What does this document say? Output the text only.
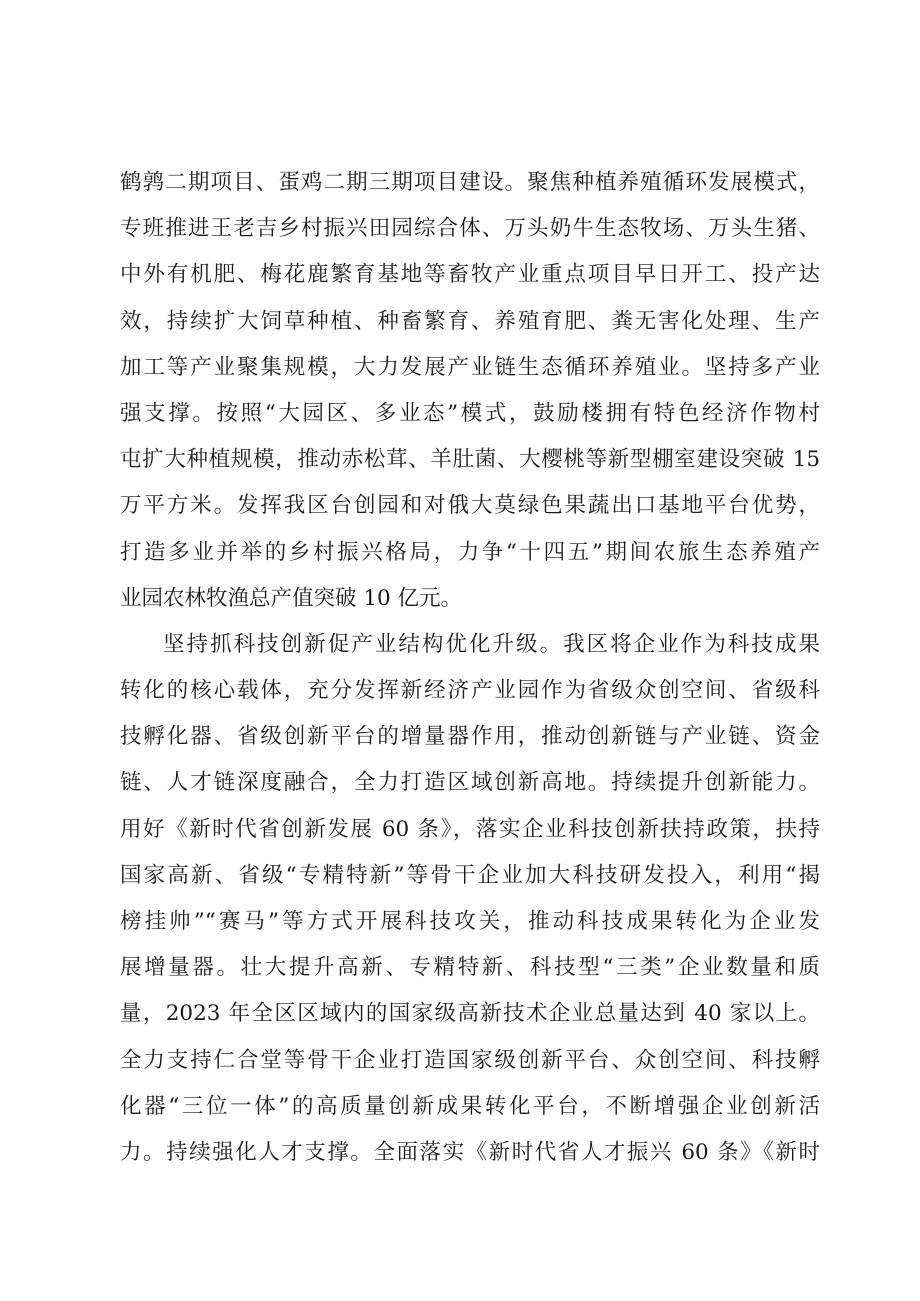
鹤鹑二期项目、蛋鸡二期三期项目建设。聚焦种植养殖循环发展模式，
专班推进王老吉乡村振兴田园综合体、万头奶牛生态牧场、万头生猪、
中外有机肥、梅花鹿繁育基地等畜牧产业重点项目早日开工、投产达
效，持续扩大饲草种植、种畜繁育、养殖育肥、粪无害化处理、生产
加工等产业聚集规模，大力发展产业链生态循环养殖业。坚持多产业
强支撑。按照“大园区、多业态”模式，鼓励楼拥有特色经济作物村
屯扩大种植规模，推动赤松茸、羊肚菌、大樱桃等新型棚室建设突破 15
万平方米。发挥我区台创园和对俄大莫绿色果蔬出口基地平台优势，
打造多业并举的乡村振兴格局，力争“十四五”期间农旅生态养殖产
业园农林牧渔总产值突破 10 亿元。
坚持抓科技创新促产业结构优化升级。我区将企业作为科技成果
转化的核心载体，充分发挥新经济产业园作为省级众创空间、省级科
技孵化器、省级创新平台的增量器作用，推动创新链与产业链、资金
链、人才链深度融合，全力打造区域创新高地。持续提升创新能力。
用好《新时代省创新发展 60 条》，落实企业科技创新扶持政策，扶持
国家高新、省级“专精特新”等骨干企业加大科技研发投入，利用“揭
榜挂帅”“赛马”等方式开展科技攻关，推动科技成果转化为企业发
展增量器。壮大提升高新、专精特新、科技型“三类”企业数量和质
量，2023 年全区区域内的国家级高新技术企业总量达到 40 家以上。
全力支持仁合堂等骨干企业打造国家级创新平台、众创空间、科技孵
化器“三位一体”的高质量创新成果转化平台，不断增强企业创新活
力。持续强化人才支撑。全面落实《新时代省人才振兴 60 条》《新时
